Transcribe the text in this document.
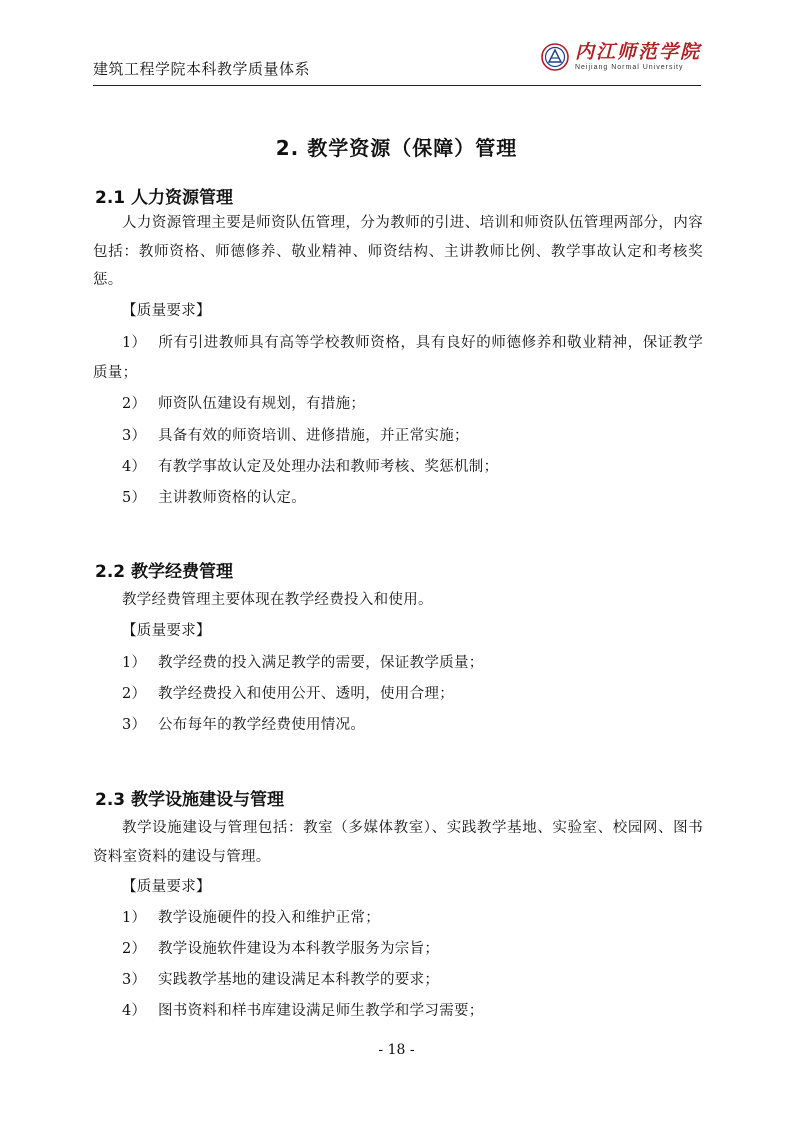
建筑工程学院本科教学质量体系
内江师范学院
Neijiang Normal University
2. 教学资源（保障）管理
2.1 人力资源管理
人力资源管理主要是师资队伍管理，分为教师的引进、培训和师资队伍管理两部分，内容包括：教师资格、师德修养、敬业精神、师资结构、主讲教师比例、教学事故认定和考核奖惩。
【质量要求】
1） 所有引进教师具有高等学校教师资格，具有良好的师德修养和敬业精神，保证教学质量；
2） 师资队伍建设有规划，有措施；
3） 具备有效的师资培训、进修措施，并正常实施；
4） 有教学事故认定及处理办法和教师考核、奖惩机制；
5） 主讲教师资格的认定。
2.2 教学经费管理
教学经费管理主要体现在教学经费投入和使用。
【质量要求】
1） 教学经费的投入满足教学的需要，保证教学质量；
2） 教学经费投入和使用公开、透明，使用合理；
3） 公布每年的教学经费使用情况。
2.3 教学设施建设与管理
教学设施建设与管理包括：教室（多媒体教室）、实践教学基地、实验室、校园网、图书资料室资料的建设与管理。
【质量要求】
1） 教学设施硬件的投入和维护正常；
2） 教学设施软件建设为本科教学服务为宗旨；
3） 实践教学基地的建设满足本科教学的要求；
4） 图书资料和样书库建设满足师生教学和学习需要；
- 18 -
